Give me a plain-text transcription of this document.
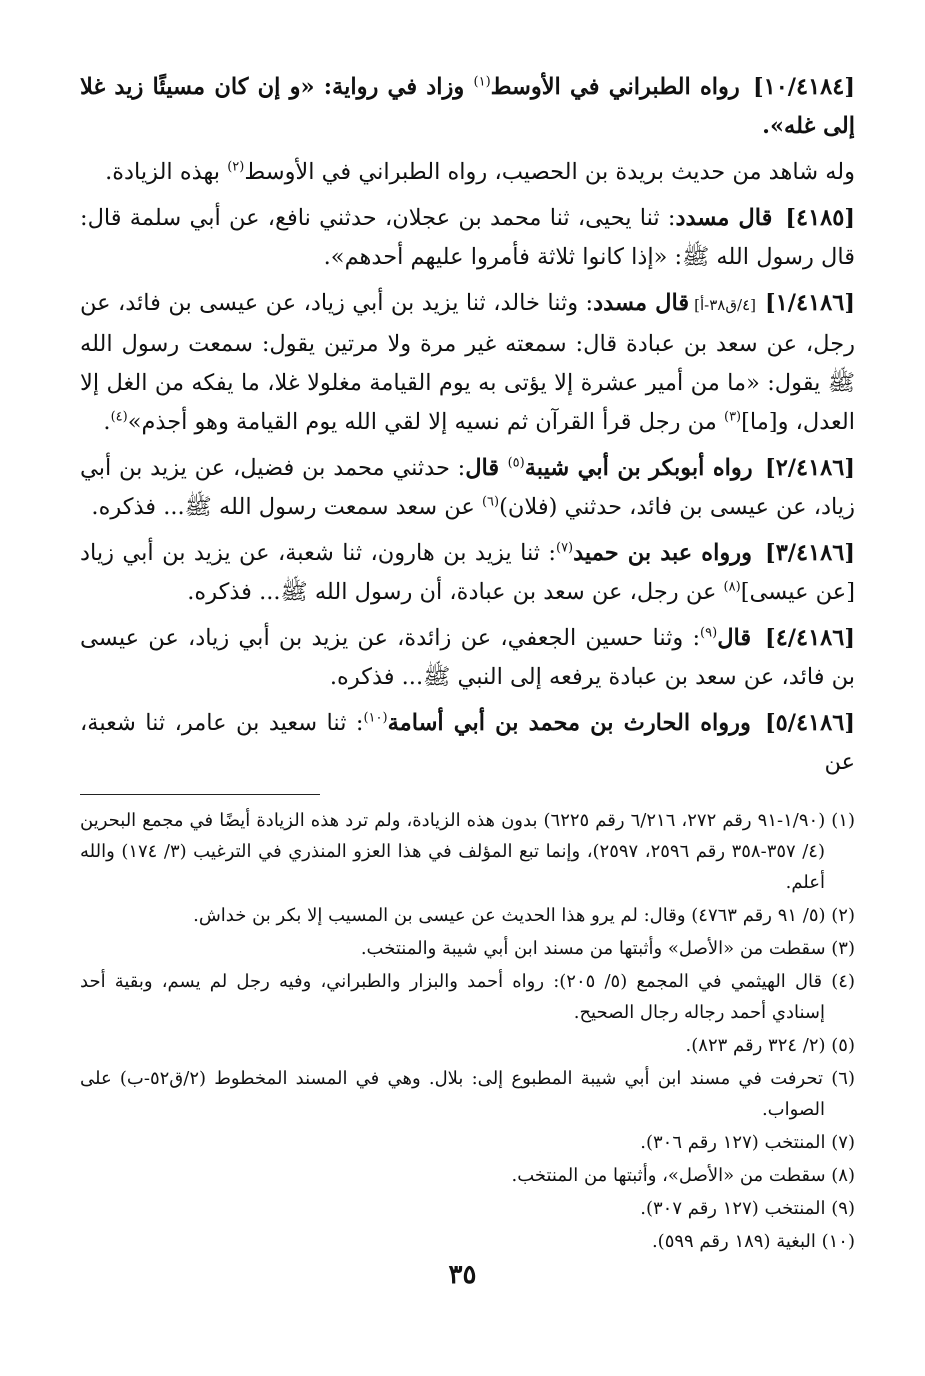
[١٠/٤١٨٤] رواه الطبراني في الأوسط$^{(١)}$ وزاد في رواية: «و إن كان مسيئًا زيد غلا إلى غله».

وله شاهد من حديث بريدة بن الحصيب، رواه الطبراني في الأوسط$^{(٢)}$ بهذه الزيادة.

[٤١٨٥] قال مسدد: ثنا يحيى، ثنا محمد بن عجلان، حدثني نافع، عن أبي سلمة قال: قال رسول الله ﷺ: «إذا كانوا ثلاثة فأمروا عليهم أحدهم».

[١/٤١٨٦] [٤/ق٣٨-أ] قال مسدد: وثنا خالد، ثنا يزيد بن أبي زياد، عن عيسى بن فائد، عن رجل، عن سعد بن عبادة قال: سمعته غير مرة ولا مرتين يقول: سمعت رسول الله ﷺ يقول: «ما من أمير عشرة إلا يؤتى به يوم القيامة مغلولا غلا، ما يفكه من الغل إلا العدل، و[ما]$^{(٣)}$ من رجل قرأ القرآن ثم نسيه إلا لقي الله يوم القيامة وهو أجذم»$^{(٤)}$.

[٢/٤١٨٦] رواه أبوبكر بن أبي شيبة$^{(٥)}$ قال: حدثني محمد بن فضيل، عن يزيد بن أبي زياد، عن عيسى بن فائد، حدثني (فلان)$^{(٦)}$ عن سعد سمعت رسول الله ﷺ... فذكره.

[٣/٤١٨٦] ورواه عبد بن حميد$^{(٧)}$: ثنا يزيد بن هارون، ثنا شعبة، عن يزيد بن أبي زياد [عن عيسى]$^{(٨)}$ عن رجل، عن سعد بن عبادة، أن رسول الله ﷺ... فذكره.

[٤/٤١٨٦] قال$^{(٩)}$: وثنا حسين الجعفي، عن زائدة، عن يزيد بن أبي زياد، عن عيسى بن فائد، عن سعد بن عبادة يرفعه إلى النبي ﷺ... فذكره.

[٥/٤١٨٦] ورواه الحارث بن محمد بن أبي أسامة$^{(١٠)}$: ثنا سعيد بن عامر، ثنا شعبة، عن

(١) (١/٩٠-٩١ رقم ٢٧٢، ٦/٢١٦ رقم ٦٢٢٥) بدون هذه الزيادة، ولم ترد هذه الزيادة أيضًا في مجمع البحرين (٤/ ٣٥٧-٣٥٨ رقم ٢٥٩٦، ٢٥٩٧)، وإنما تبع المؤلف في هذا العزو المنذري في الترغيب (٣/ ١٧٤) والله أعلم.

(٢) (٥/ ٩١ رقم ٤٧٦٣) وقال: لم يرو هذا الحديث عن عيسى بن المسيب إلا بكر بن خداش.

(٣) سقطت من «الأصل» وأثبتها من مسند ابن أبي شيبة والمنتخب.

(٤) قال الهيثمي في المجمع (٥/ ٢٠٥): رواه أحمد والبزار والطبراني، وفيه رجل لم يسم، وبقية أحد إسنادي أحمد رجاله رجال الصحيح.

(٥) (٢/ ٣٢٤ رقم ٨٢٣).

(٦) تحرفت في مسند ابن أبي شيبة المطبوع إلى: بلال. وهي في المسند المخطوط (٢/ق٥٢-ب) على الصواب.

(٧) المنتخب (١٢٧ رقم ٣٠٦).

(٨) سقطت من «الأصل»، وأثبتها من المنتخب.

(٩) المنتخب (١٢٧ رقم ٣٠٧).

(١٠) البغية (١٨٩ رقم ٥٩٩).

٣٥
